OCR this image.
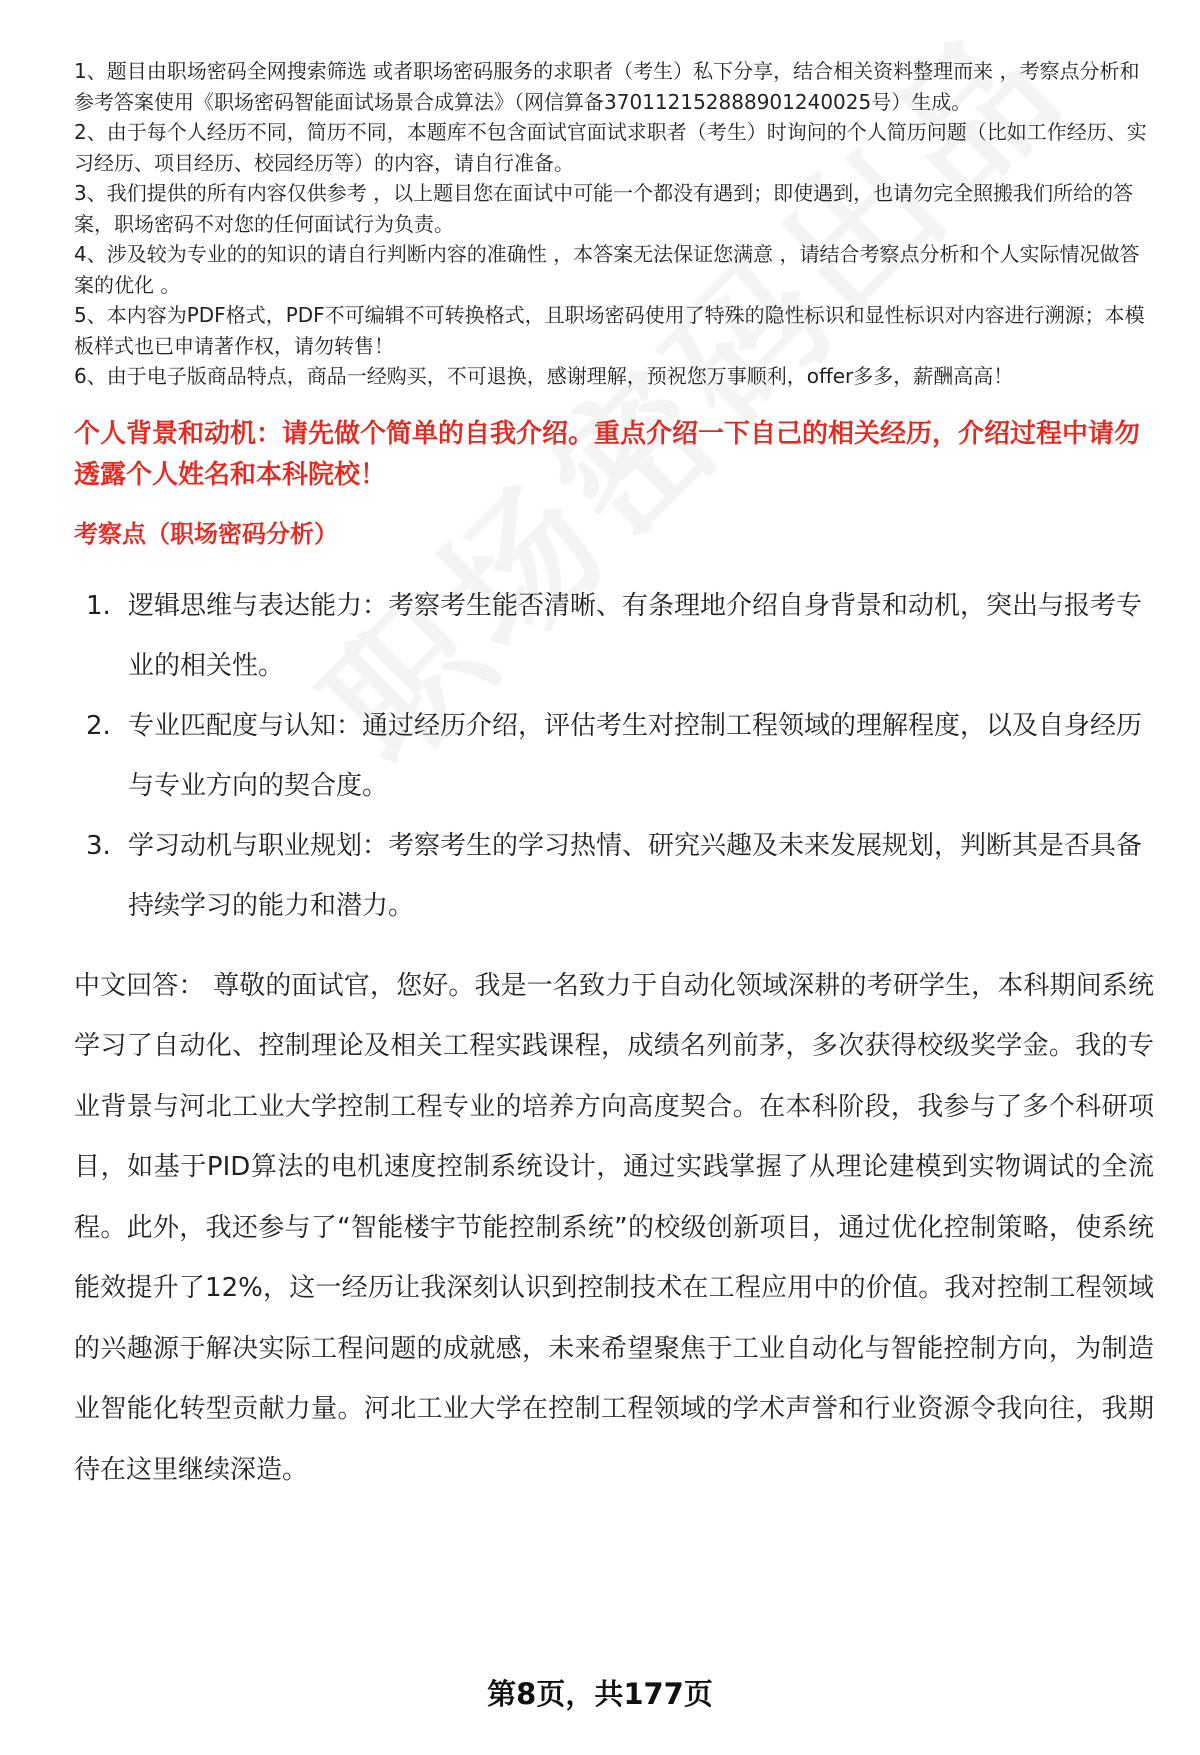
1、题目由职场密码全网搜索筛选 或者职场密码服务的求职者（考生）私下分享，结合相关资料整理而来 ，考察点分析和参考答案使用《职场密码智能面试场景合成算法》（网信算备370112152888901240025号）生成。

2、由于每个人经历不同，简历不同，本题库不包含面试官面试求职者（考生）时询问的个人简历问题（比如工作经历、实习经历、项目经历、校园经历等）的内容，请自行准备。

3、我们提供的所有内容仅供参考 ，以上题目您在面试中可能一个都没有遇到；即使遇到，也请勿完全照搬我们所给的答案，职场密码不对您的任何面试行为负责。

4、涉及较为专业的的知识的请自行判断内容的准确性 ，本答案无法保证您满意 ，请结合考察点分析和个人实际情况做答案的优化 。

5、本内容为PDF格式，PDF不可编辑不可转换格式，且职场密码使用了特殊的隐性标识和显性标识对内容进行溯源；本模板样式也已申请著作权，请勿转售！

6、由于电子版商品特点，商品一经购买，不可退换，感谢理解，预祝您万事顺利，offer多多，薪酬高高！

个人背景和动机：请先做个简单的自我介绍。重点介绍一下自己的相关经历，介绍过程中请勿透露个人姓名和本科院校！
考察点（职场密码分析）
1. 逻辑思维与表达能力：考察考生能否清晰、有条理地介绍自身背景和动机，突出与报考专业的相关性。
2. 专业匹配度与认知：通过经历介绍，评估考生对控制工程领域的理解程度，以及自身经历与专业方向的契合度。
3. 学习动机与职业规划：考察考生的学习热情、研究兴趣及未来发展规划，判断其是否具备持续学习的能力和潜力。
中文回答： 尊敬的面试官，您好。我是一名致力于自动化领域深耕的考研学生，本科期间系统学习了自动化、控制理论及相关工程实践课程，成绩名列前茅，多次获得校级奖学金。我的专业背景与河北工业大学控制工程专业的培养方向高度契合。在本科阶段，我参与了多个科研项目，如基于PID算法的电机速度控制系统设计，通过实践掌握了从理论建模到实物调试的全流程。此外，我还参与了“智能楼宇节能控制系统”的校级创新项目，通过优化控制策略，使系统能效提升了12%，这一经历让我深刻认识到控制技术在工程应用中的价值。我对控制工程领域的兴趣源于解决实际工程问题的成就感，未来希望聚焦于工业自动化与智能控制方向，为制造业智能化转型贡献力量。河北工业大学在控制工程领域的学术声誉和行业资源令我向往，我期待在这里继续深造。
第8页，共177页
